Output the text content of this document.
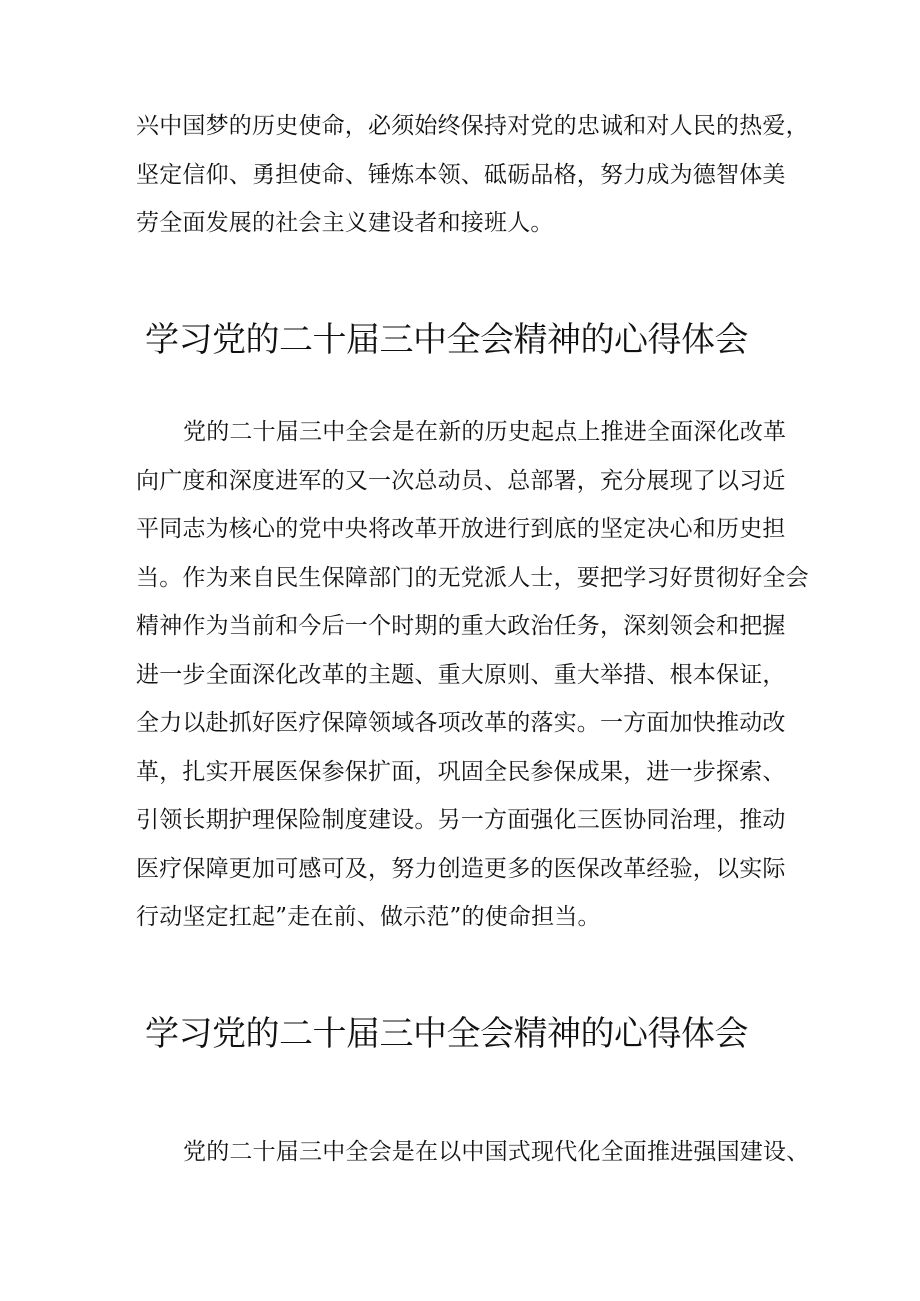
兴中国梦的历史使命，必须始终保持对党的忠诚和对人民的热爱，
坚定信仰、勇担使命、锤炼本领、砥砺品格，努力成为德智体美
劳全面发展的社会主义建设者和接班人。
学习党的二十届三中全会精神的心得体会
党的二十届三中全会是在新的历史起点上推进全面深化改革
向广度和深度进军的又一次总动员、总部署，充分展现了以习近
平同志为核心的党中央将改革开放进行到底的坚定决心和历史担
当。作为来自民生保障部门的无党派人士，要把学习好贯彻好全会
精神作为当前和今后一个时期的重大政治任务，深刻领会和把握
进一步全面深化改革的主题、重大原则、重大举措、根本保证，
全力以赴抓好医疗保障领域各项改革的落实。一方面加快推动改
革，扎实开展医保参保扩面，巩固全民参保成果，进一步探索、
引领长期护理保险制度建设。另一方面强化三医协同治理，推动
医疗保障更加可感可及，努力创造更多的医保改革经验，以实际
行动坚定扛起”走在前、做示范”的使命担当。
学习党的二十届三中全会精神的心得体会
党的二十届三中全会是在以中国式现代化全面推进强国建设、
